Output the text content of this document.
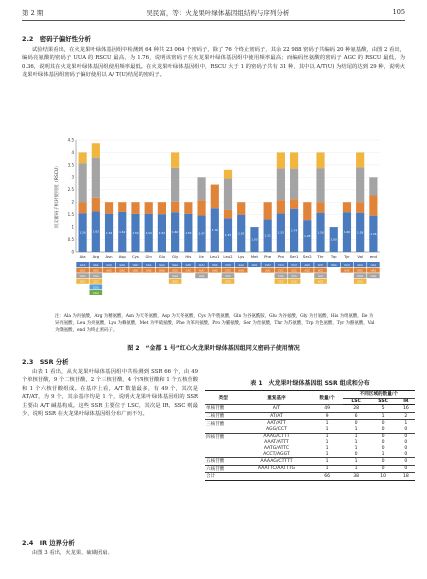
第 2 期	吴民富，等：火龙果叶绿体基因组结构与序列分析	105
2.2　密码子偏好性分析
试验结果看出，在火龙果叶绿体基因组中检测到 64 种共 23 064 个密码子，除了 76 个终止密码子，其余 22 988 密码子共编码 20 种氨基酸，由图 2 看出，编码亮氨酸的密码子 UUA 的 RSCU 最高，为 1.76，说明该密码子在火龙果叶绿体基因组中使用频率最高；而编码丝氨酸的密码子 AGC 的 RSCU 最低，为 0.36，说明其在火龙果叶绿体基因组使用频率最低。在火龙果叶绿体基因组中，RSCU 大于 1 的密码子共有 31 种，其中以 A/T(U) 为结尾的达到 29 种，说明火龙果叶绿体基因组密码子偏好使用以 A/ T(U)结尾的密码子。
0
0.5
1
1.5
2
2.5
3
3.5
4
4.5
同义密码子相对使用度（RSCU）
1.56
Ala
GCA
GCC
GCG
GCU
1.63
Arg
AGA
AGG
CGA
CGC
CGG
CGU
1.54
Asn
AAU
AAC
1.61
Asp
GAU
GAC
1.53
Cys
UGU
UGC
1.54
Gln
CAA
CAG
1.52
Glu
GAA
GAG
1.60
Gly
GGA
GGC
GGG
GGU
1.53
His
CAU
CAC
1.47
Ile
AUU
AUC
AUA
1.76
Leu1
UUA
UUG
1.35
Leu2
CUU
CUC
CUA
CUG
1.50
Lys
AAA
AAG
1.00
Met
AUG
1.31
Phe
UUU
UUC
1.55
Pro
CCU
CCC
CCA
CCG
1.74
Ser1
UCU
UCC
UCA
UCG
1.28
Ser2
AGU
AGC
1.58
Thr
ACU
ACC
ACA
ACG
1.00
Trp
UGG
1.60
Tyr
UAU
UAC
1.58
Val
GUA
GUC
GUG
GUU
1.46
end
UAA
UAG
UGA
注：Ala 为丙氨酸，Arg 为精氨酸，Asn 为天冬氨酸，Asp 为天冬氨酸，Cys 为半胱氨酸，Gln 为谷氨酰胺，Glu 为谷氨酸，Gly 为甘氨酸，His 为组氨酸，Ile 为异亮氨酸，Leu 为亮氨酸，Lys 为赖氨酸，Met 为甲硫氨酸，Phe 为苯丙氨酸，Pro 为脯氨酸，Ser 为丝氨酸，Thr 为苏氨酸，Trp 为色氨酸，Tyr 为酪氨酸，Val 为缬氨酸，end 为终止密码子。
图 2　“金都 1 号”红心火龙果叶绿体基因组同义密码子使用情况
2.3　SSR 分析
由表 1 看出，从火龙果叶绿体基因组中共检测到 SSR 66 个，由 49 个单核苷酸，9 个二核苷酸，2 个三核苷酸，4 个四核苷酸和 1 个五核苷酸和 1 个六核苷酸组成。在基序上看，A/T 数量最多，有 49 个，其次是 AT/AT，为 9 个，其余基序均是 1 个，说明火龙果叶绿体基因组的 SSR 主要由 A/T 碱基构成。这些 SSR 主要位于 LSC，其次是 IR，SSC 则最少，说明 SSR 在火龙果叶绿体基因组分布广而不匀。
2.4　IR 边界分析
由图 3 看出，火龙果、硫磺团扇、
表 1　火龙果叶绿体基因组 SSR 组成和分布
类型	重复基序	数量/个	不同区域的数量/个		
			LSC	SSC	IR
单核苷酸	A/T	49	28	5	16
二核苷酸	AT/AT	9	6	1	2
三核苷酸	AAT/ATT	1	0	0	1
	AGG/CCT	1	1	0	0
四核苷酸	AAAG/CTTT	1	1	0	0
	AAAT/ATTT	1	1	0	0
	AATG/ATTC	1	1	0	0
	ACCT/AGGT	1	0	1	0
五核苷酸	AAAAG/CTTTT	1	1	0	0
六核苷酸	AAATTC/AATTTG	1	1	0	0
合计		66	38	10	18
